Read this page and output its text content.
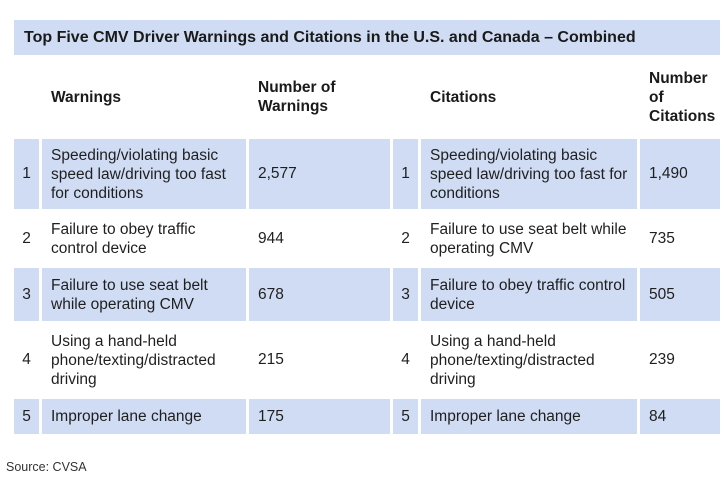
Top Five CMV Driver Warnings and Citations in the U.S. and Canada – Combined					
	Warnings	Number of Warnings		Citations	Number of Citations
1	Speeding/violating basic speed law/driving too fast for conditions	2,577	1	Speeding/violating basic speed law/driving too fast for conditions	1,490
2	Failure to obey traffic control device	944	2	Failure to use seat belt while operating CMV	735
3	Failure to use seat belt while operating CMV	678	3	Failure to obey traffic control device	505
4	Using a hand-held phone/texting/distracted driving	215	4	Using a hand-held phone/texting/distracted driving	239
5	Improper lane change	175	5	Improper lane change	84
Source: CVSA
